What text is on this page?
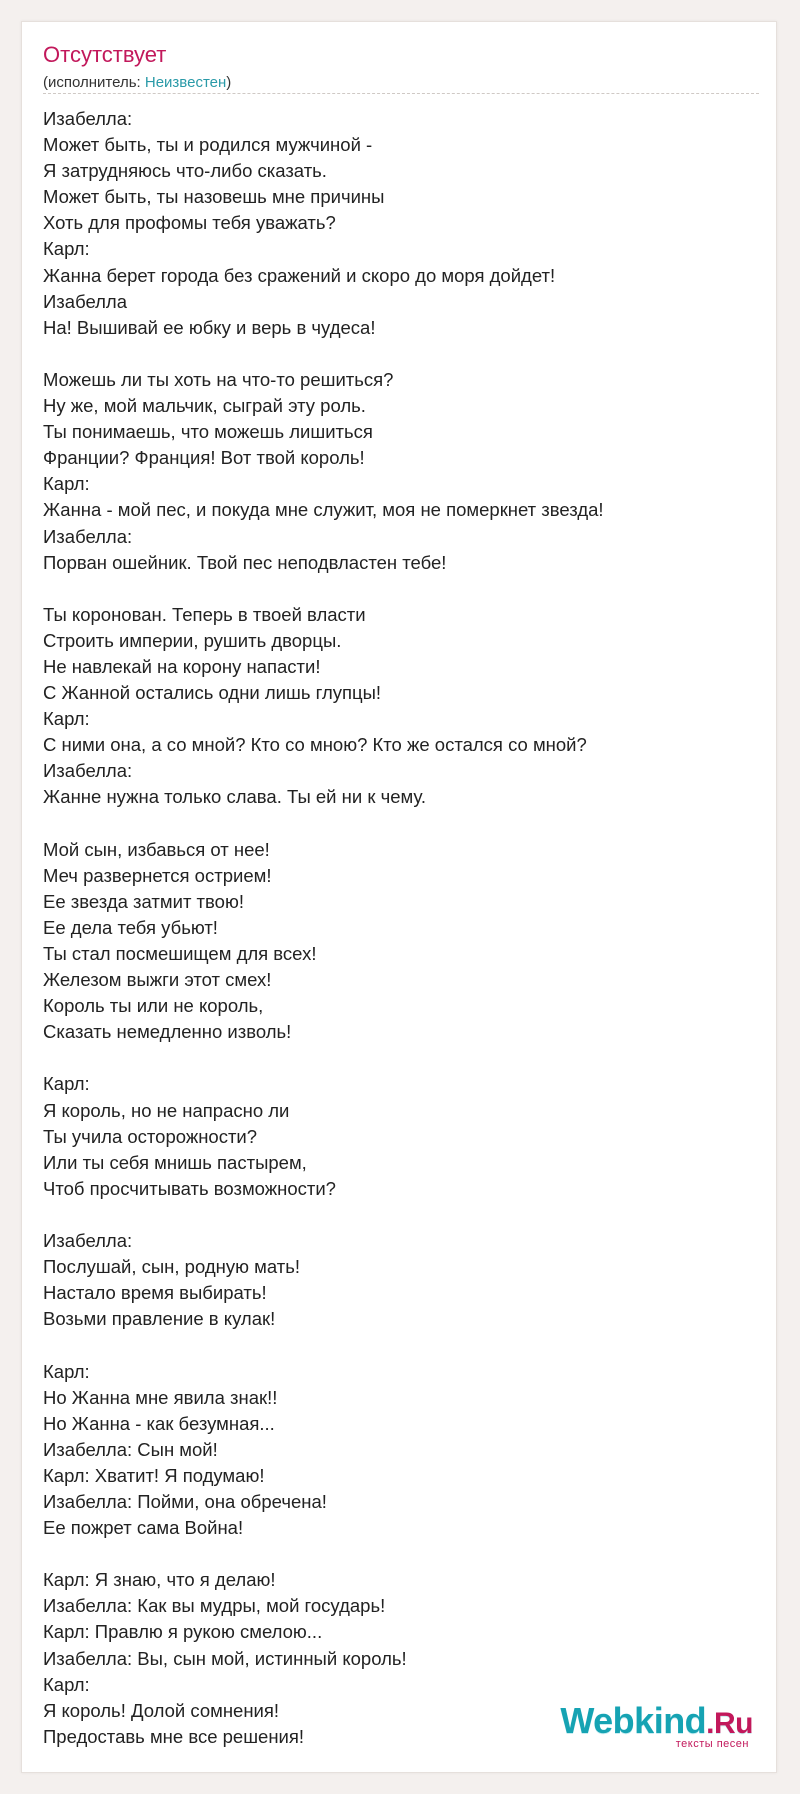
Отсутствует
(исполнитель: Неизвестен)
Изабелла:
Может быть, ты и родился мужчиной -
Я затрудняюсь что-либо сказать.
Может быть, ты назовешь мне причины
Хоть для профомы тебя уважать?
Карл:
Жанна берет города без сражений и скоро до моря дойдет!
Изабелла
На! Вышивай ее юбку и верь в чудеса!
Можешь ли ты хоть на что-то решиться?
Ну же, мой мальчик, сыграй эту роль.
Ты понимаешь, что можешь лишиться
Франции? Франция! Вот твой король!
Карл:
Жанна - мой пес, и покуда мне служит, моя не померкнет звезда!
Изабелла:
Порван ошейник. Твой пес неподвластен тебе!
Ты коронован. Теперь в твоей власти
Строить империи, рушить дворцы.
Не навлекай на корону напасти!
С Жанной остались одни лишь глупцы!
Карл:
С ними она, а со мной? Кто со мною? Кто же остался со мной?
Изабелла:
Жанне нужна только слава. Ты ей ни к чему.
Мой сын, избавься от нее!
Меч развернется острием!
Ее звезда затмит твою!
Ее дела тебя убьют!
Ты стал посмешищем для всех!
Железом выжги этот смех!
Король ты или не король,
Сказать немедленно изволь!
Карл:
Я король, но не напрасно ли
Ты учила осторожности?
Или ты себя мнишь пастырем,
Чтоб просчитывать возможности?
Изабелла:
Послушай, сын, родную мать!
Настало время выбирать!
Возьми правление в кулак!
Карл:
Но Жанна мне явила знак!!
Но Жанна - как безумная...
Изабелла: Сын мой!
Карл: Хватит! Я подумаю!
Изабелла: Пойми, она обречена!
Ее пожрет сама Война!
Карл: Я знаю, что я делаю!
Изабелла: Как вы мудры, мой государь!
Карл: Правлю я рукою смелою...
Изабелла: Вы, сын мой, истинный король!
Карл:
Я король! Долой сомнения!
Предоставь мне все решения!	Webkind.Ru
тексты песен
